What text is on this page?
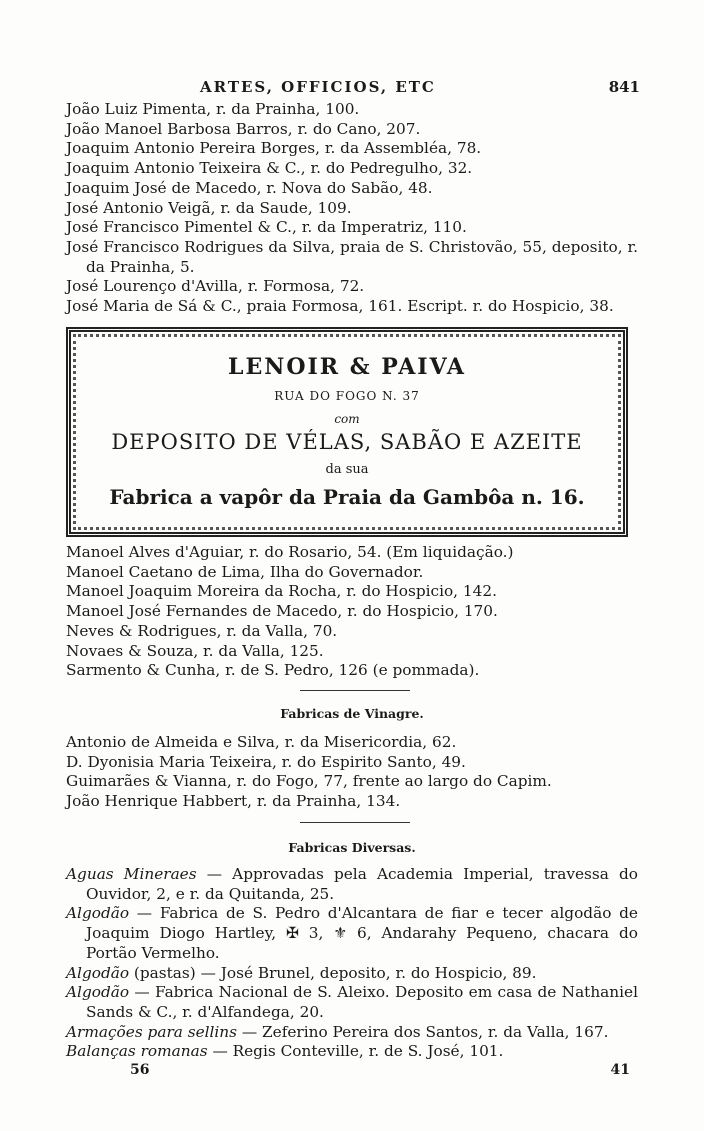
ARTES, OFFICIOS, ETC	841
João Luiz Pimenta, r. da Prainha, 100.
João Manoel Barbosa Barros, r. do Cano, 207.
Joaquim Antonio Pereira Borges, r. da Assembléa, 78.
Joaquim Antonio Teixeira & C., r. do Pedregulho, 32.
Joaquim José de Macedo, r. Nova do Sabão, 48.
José Antonio Veigã, r. da Saude, 109.
José Francisco Pimentel & C., r. da Imperatriz, 110.
José Francisco Rodrigues da Silva, praia de S. Christovão, 55, deposito, r. da Prainha, 5.
José Lourenço d'Avilla, r. Formosa, 72.
José Maria de Sá & C., praia Formosa, 161. Escript. r. do Hospicio, 38.
LENOIR & PAIVA
RUA DO FOGO N. 37
com
DEPOSITO DE VÉLAS, SABÃO E AZEITE
da sua
Fabrica a vapôr da Praia da Gambôa n. 16.
Manoel Alves d'Aguiar, r. do Rosario, 54. (Em liquidação.)
Manoel Caetano de Lima, Ilha do Governador.
Manoel Joaquim Moreira da Rocha, r. do Hospicio, 142.
Manoel José Fernandes de Macedo, r. do Hospicio, 170.
Neves & Rodrigues, r. da Valla, 70.
Novaes & Souza, r. da Valla, 125.
Sarmento & Cunha, r. de S. Pedro, 126 (e pommada).
Fabricas de Vinagre.
Antonio de Almeida e Silva, r. da Misericordia, 62.
D. Dyonisia Maria Teixeira, r. do Espirito Santo, 49.
Guimarães & Vianna, r. do Fogo, 77, frente ao largo do Capim.
João Henrique Habbert, r. da Prainha, 134.
Fabricas Diversas.
Aguas Mineraes — Approvadas pela Academia Imperial, travessa do Ouvidor, 2, e r. da Quitanda, 25.
Algodão — Fabrica de S. Pedro d'Alcantara de fiar e tecer algodão de Joaquim Diogo Hartley, ✠ 3, ⚜ 6, Andarahy Pequeno, chacara do Portão Vermelho.
Algodão (pastas) — José Brunel, deposito, r. do Hospicio, 89.
Algodão — Fabrica Nacional de S. Aleixo. Deposito em casa de Nathaniel Sands & C., r. d'Alfandega, 20.
Armações para sellins — Zeferino Pereira dos Santos, r. da Valla, 167.
Balanças romanas — Regis Conteville, r. de S. José, 101.
56	41
